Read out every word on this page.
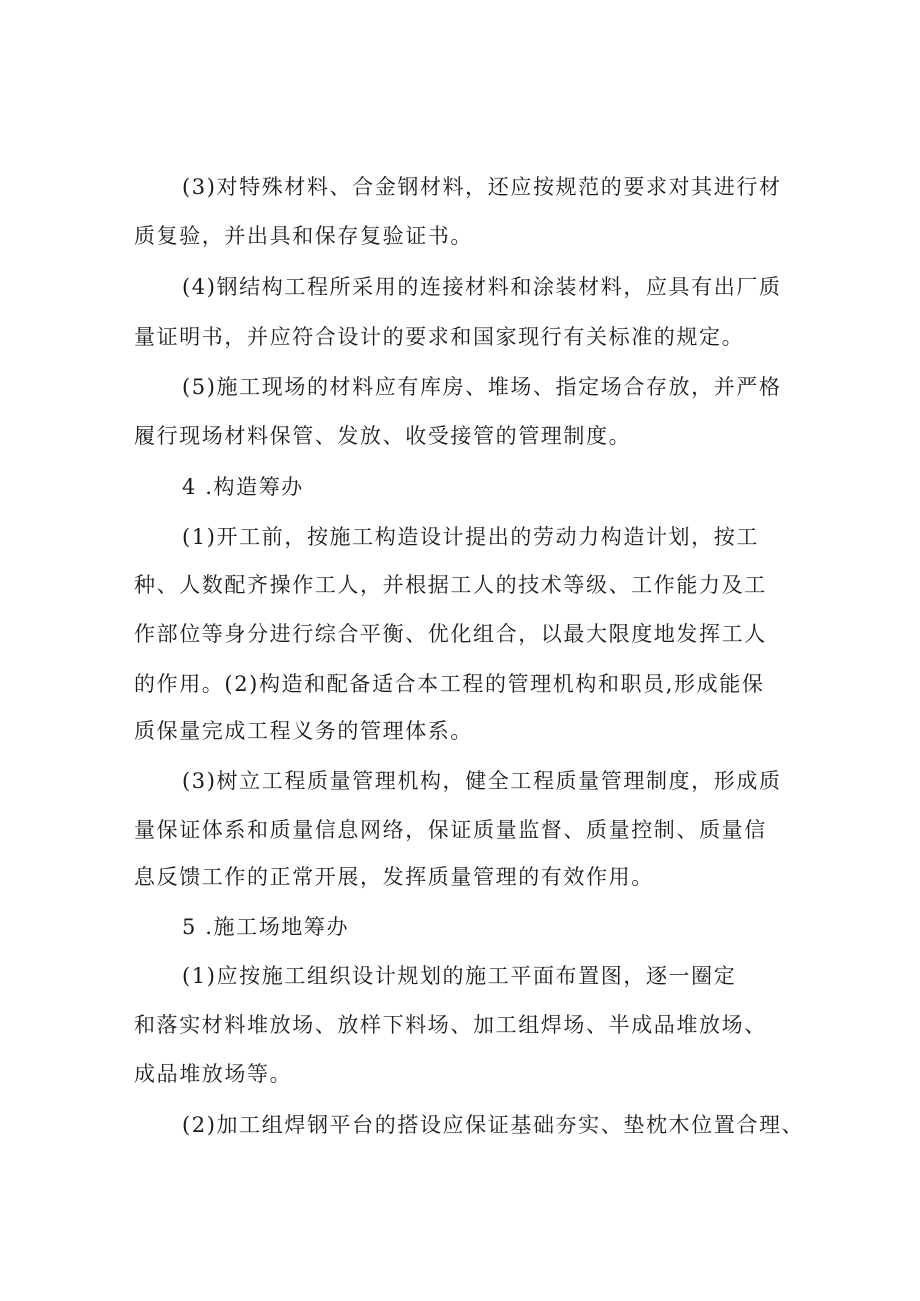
(3)对特殊材料、合金钢材料，还应按规范的要求对其进行材
质复验，并出具和保存复验证书。
(4)钢结构工程所采用的连接材料和涂装材料，应具有出厂质
量证明书，并应符合设计的要求和国家现行有关标准的规定。
(5)施工现场的材料应有库房、堆场、指定场合存放，并严格
履行现场材料保管、发放、收受接管的管理制度。
4 .构造筹办
(1)开工前，按施工构造设计提出的劳动力构造计划，按工
种、人数配齐操作工人，并根据工人的技术等级、工作能力及工
作部位等身分进行综合平衡、优化组合，以最大限度地发挥工人
的作用。(2)构造和配备适合本工程的管理机构和职员,形成能保
质保量完成工程义务的管理体系。
(3)树立工程质量管理机构，健全工程质量管理制度，形成质
量保证体系和质量信息网络，保证质量监督、质量控制、质量信
息反馈工作的正常开展，发挥质量管理的有效作用。
5 .施工场地筹办
(1)应按施工组织设计规划的施工平面布置图，逐一圈定
和落实材料堆放场、放样下料场、加工组焊场、半成品堆放场、
成品堆放场等。
(2)加工组焊钢平台的搭设应保证基础夯实、垫枕木位置合理、
